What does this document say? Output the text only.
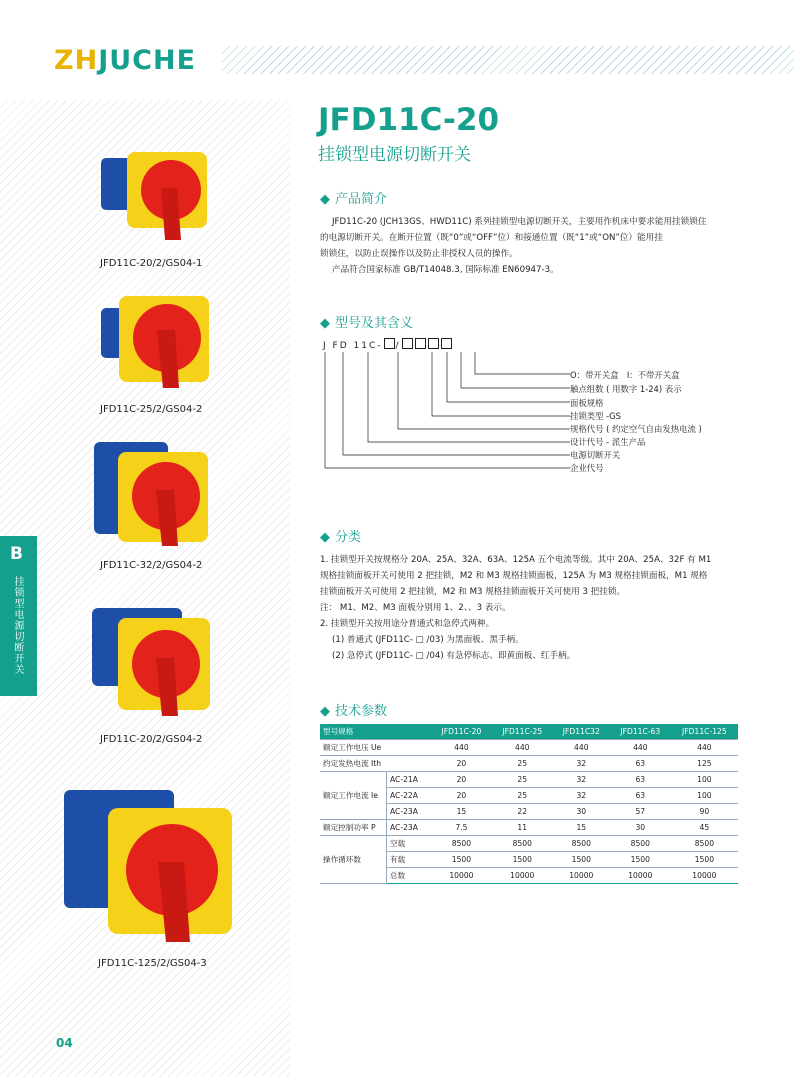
ZHJUCHE
JFD11C-20/2/GS04-1
JFD11C-25/2/GS04-2
JFD11C-32/2/GS04-2
JFD11C-20/2/GS04-2
JFD11C-125/2/GS04-3
B
挂锁型电源切断开关
JFD11C-20
挂锁型电源切断开关
◆ 产品简介
JFD11C-20 (JCH13GS、HWD11C) 系列挂锁型电源切断开关，主要用作机床中要求能用挂锁锁住
的电源切断开关。在断开位置（既“0”或“OFF”位）和接通位置（既“1”或“ON”位）能用挂
锁锁住，以防止误操作以及防止非授权人员的操作。
产品符合国家标准 GB/T14048.3, 国际标准 EN60947-3。
◆ 型号及其含义
J FD 11C- /
O：带开关盒　I：不带开关盒
触点组数 ( 用数字 1-24) 表示
面板规格
挂锁类型 -GS
规格代号 ( 约定空气自由发热电流 )
设计代号 - 派生产品
电源切断开关
企业代号
◆ 分类
1. 挂锁型开关按规格分 20A、25A、32A、63A、125A 五个电流等级。其中 20A、25A、32F 有 M1
规格挂锁面板开关可使用 2 把挂锁，M2 和 M3 规格挂锁面板，125A 为 M3 规格挂锁面板，M1 规格
挂锁面板开关可使用 2 把挂锁，M2 和 M3 规格挂锁面板开关可使用 3 把挂锁。
注： M1、M2、M3 面板分别用 1、2、、3 表示。
2. 挂锁型开关按用途分普通式和急停式两种。
(1) 普通式 (JFD11C- □ /03) 为黑面板、黑手柄。
(2) 急停式 (JFD11C- □ /04) 有急停标志、即黄面板、红手柄。
◆ 技术参数
型号规格		JFD11C-20	JFD11C-25	JFD11C32	JFD11C-63	JFD11C-125
额定工作电压 Ue		440	440	440	440	440
约定发热电流 Ith		20	25	32	63	125
额定工作电流 Ie	AC-21A	20	25	32	63	100
	AC-22A	20	25	32	63	100
	AC-23A	15	22	30	57	90
额定控制功率 P	AC-23A	7.5	11	15	30	45
操作循环数	空载	8500	8500	8500	8500	8500
	有载	1500	1500	1500	1500	1500
	总数	10000	10000	10000	10000	10000
04
